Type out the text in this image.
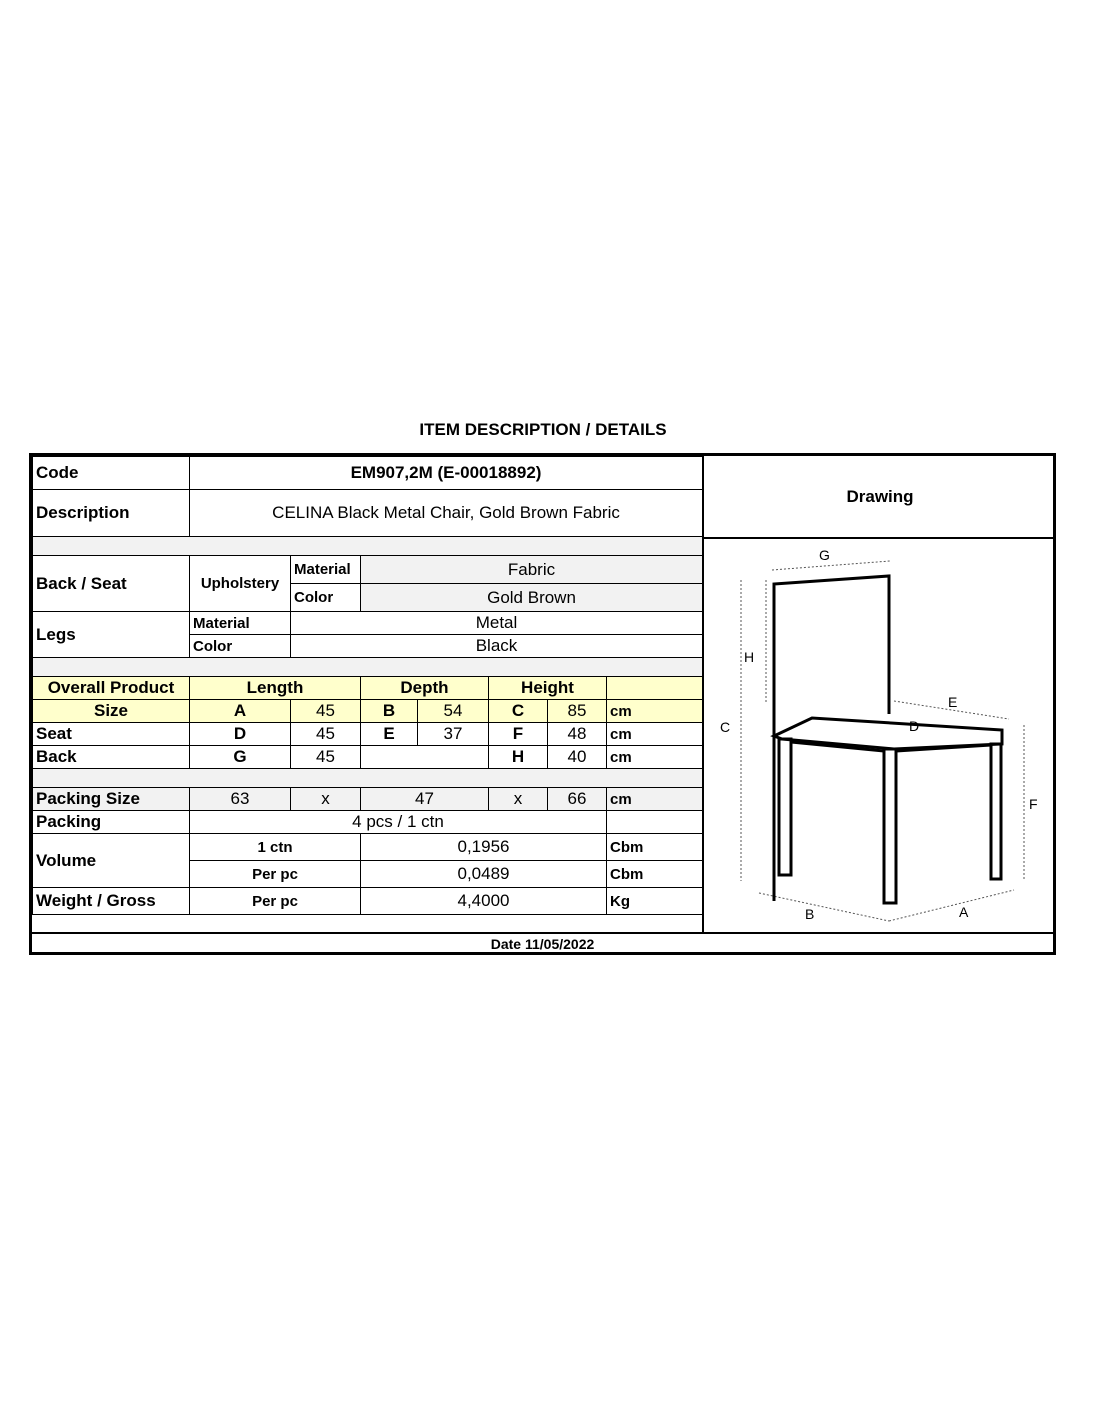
ITEM DESCRIPTION / DETAILS
Code	EM907,2M (E-00018892)						
Description	CELINA Black Metal Chair, Gold Brown Fabric						

Back / Seat	Upholstery	Material	Fabric				
		Color	Gold Brown				
Legs	Material	Metal					
	Color	Black					

Overall Product	Length		Depth		Height		
Size	A	45	B	54	C	85	cm
Seat	D	45	E	37	F	48	cm
Back	G	45			H	40	cm

Packing Size	63	x	47		x	66	cm
Packing	4 pcs / 1 ctn						
Volume	1 ctn		0,1956				Cbm
	Per pc		0,0489				Cbm
Weight / Gross	Per pc		4,4000				Kg
Drawing
G
H
C
E
D
F
B	A
Date 11/05/2022
